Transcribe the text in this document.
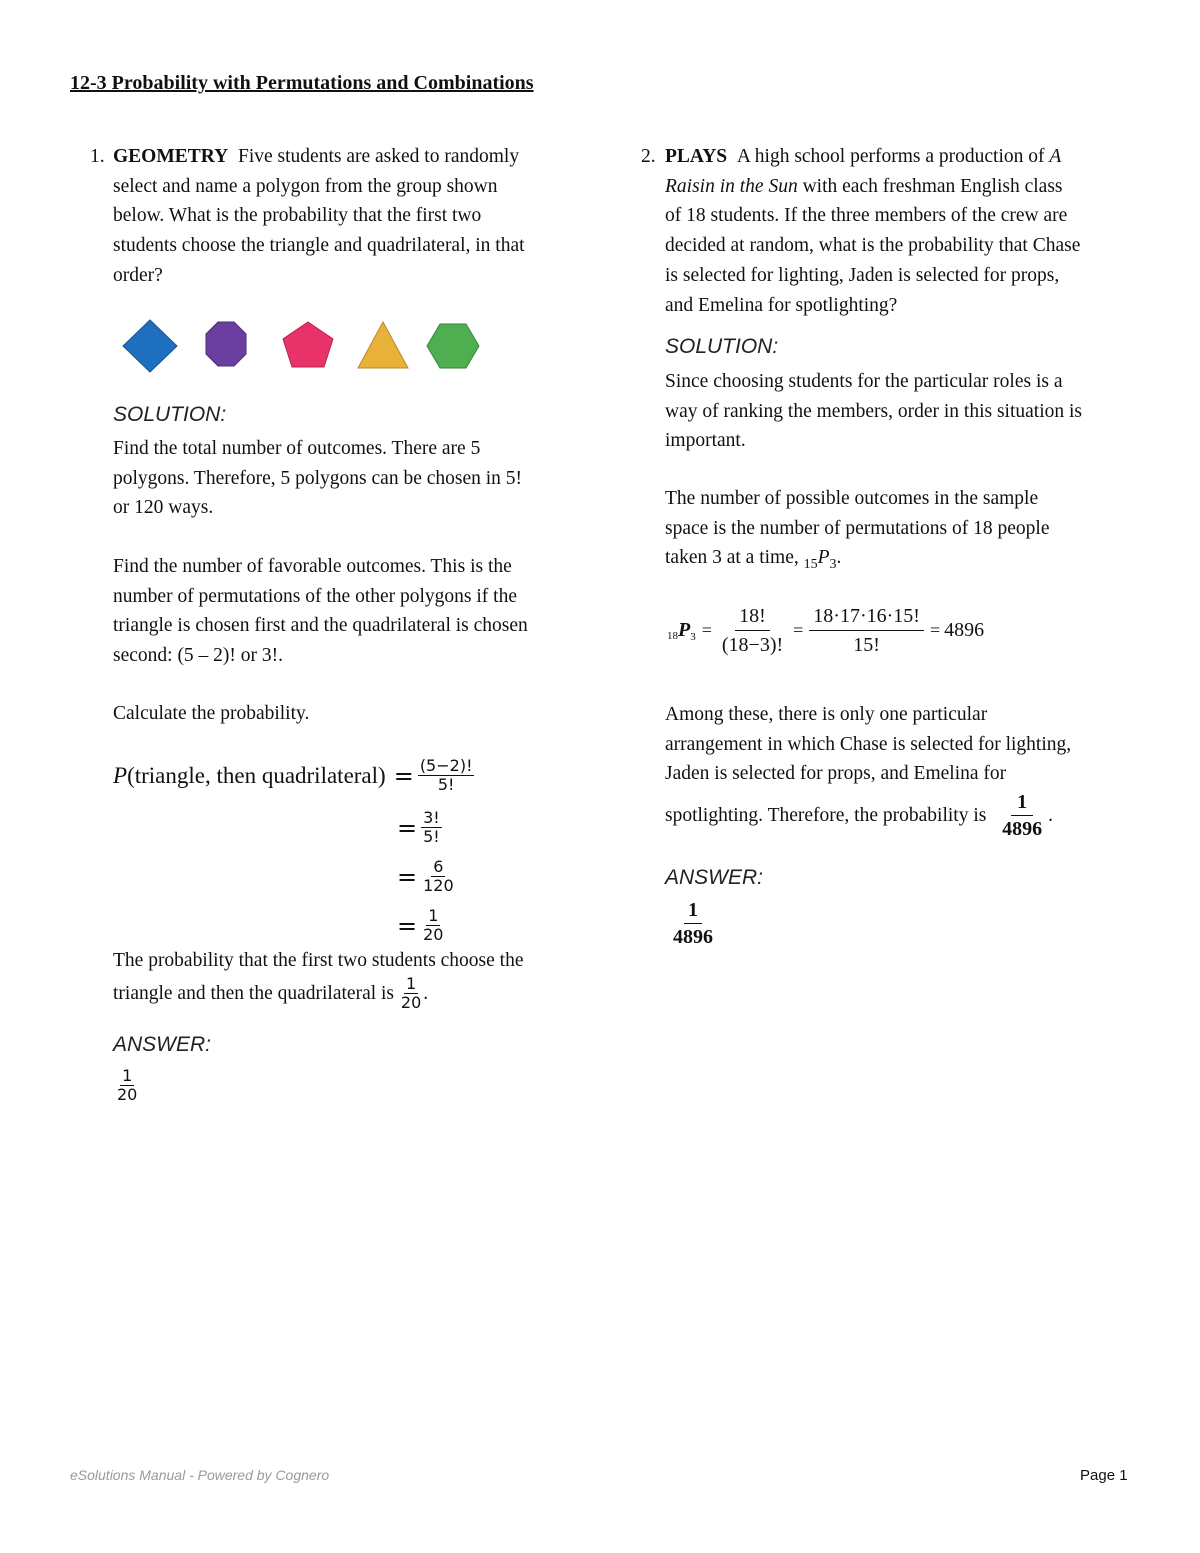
12-3 Probability with Permutations and Combinations
1. GEOMETRY Five students are asked to randomly
select and name a polygon from the group shown
below. What is the probability that the first two
students choose the triangle and quadrilateral, in that
order?
SOLUTION:
Find the total number of outcomes. There are 5
polygons. Therefore, 5 polygons can be chosen in 5!
or 120 ways.
Find the number of favorable outcomes. This is the
number of permutations of the other polygons if the
triangle is chosen first and the quadrilateral is chosen
second: (5 – 2)! or 3!.
Calculate the probability.
P (triangle, then quadrilateral) = $\frac{(5-2)!}{5!}$
= $\frac{3!}{5!}$
= $\frac{6}{120}$
= $\frac{1}{20}$
The probability that the first two students choose the
triangle and then the quadrilateral is
$\frac{1}{20}$ .
ANSWER:
$\frac{1}{20}$
2. PLAYS A high school performs a production of A
Raisin in the Sun with each freshman English class
of 18 students. If the three members of the crew are
decided at random, what is the probability that Chase
is selected for lighting, Jaden is selected for props,
and Emelina for spotlighting?
SOLUTION:
Since choosing students for the particular roles is a
way of ranking the members, order in this situation is
important.
The number of possible outcomes in the sample
space is the number of permutations of 18 people
taken 3 at a time, $_{15}P_3$.
18 P $3 = \frac{18!}{(18-3)!} = \frac{18\cdot 17\cdot 16\cdot 15!}{15!} = 4896$
Among these, there is only one particular
arrangement in which Chase is selected for lighting,
Jaden is selected for props, and Emelina for
spotlighting. Therefore, the probability is
$\frac{1}{4896}$ .
ANSWER:
$\frac{1}{4896}$
eSolutions Manual - Powered by Cognero	Page 1
